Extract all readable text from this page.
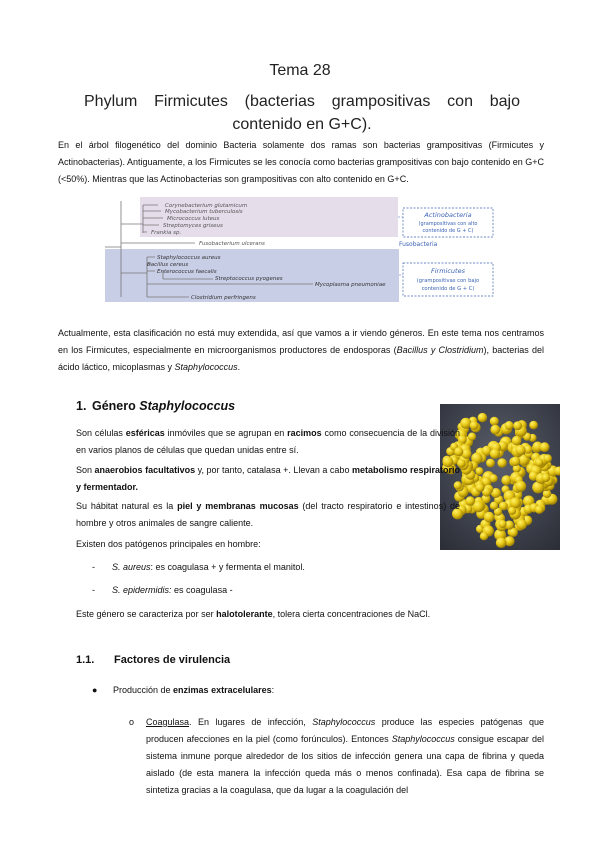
Tema 28
Phylum Firmicutes (bacterias grampositivas con bajo contenido en G+C).
En el árbol filogenético del dominio Bacteria solamente dos ramas son bacterias grampositivas (Firmicutes y Actinobacterias). Antiguamente, a los Firmicutes se les conocía como bacterias grampositivas con bajo contenido en G+C (<50%). Mientras que las Actinobacterias son grampositivas con alto contenido en G+C.
Corynebacterium glutamicum
Mycobacterium tuberculosis
Micrococcus luteus
Streptomyces griseus
Frankia sp.
Fusobacterium ulcerans
Staphylococcus aureus
Bacillus cereus
Enterococcus faecalis
Streptococcus pyogenes
Mycoplasma pneumoniae
Clostridium perfringens
Actinobacteria
(grampositivas con alto
contenido de G + C)
Fusobacteria
Firmicutes
(grampositivas con bajo
contenido de G + C)
Actualmente, esta clasificación no está muy extendida, así que vamos a ir viendo géneros. En este tema nos centramos en los Firmicutes, especialmente en microorganismos productores de endosporas (Bacillus y Clostridium), bacterias del ácido láctico, micoplasmas y Staphylococcus.
1. Género Staphylococcus
Son células esféricas inmóviles que se agrupan en racimos como consecuencia de la división en varios planos de células que quedan unidas entre sí.
Son anaerobios facultativos y, por tanto, catalasa +. Llevan a cabo metabolismo respiratorio y fermentador.
Su hábitat natural es la piel y membranas mucosas (del tracto respiratorio e intestinos) de hombre y otros animales de sangre caliente.
Existen dos patógenos principales en hombre:
- S. aureus: es coagulasa + y fermenta el manitol.
- S. epidermidis: es coagulasa -
Este género se caracteriza por ser halotolerante, tolera cierta concentraciones de NaCl.
1.1. Factores de virulencia
● Producción de enzimas extracelulares:
o Coagulasa. En lugares de infección, Staphylococcus produce las especies patógenas que producen afecciones en la piel (como forúnculos). Entonces Staphylococcus consigue escapar del sistema inmune porque alrededor de los sitios de infección genera una capa de fibrina y queda aislado (de esta manera la infección queda más o menos confinada). Esa capa de fibrina se sintetiza gracias a la coagulasa, que da lugar a la coagulación del
